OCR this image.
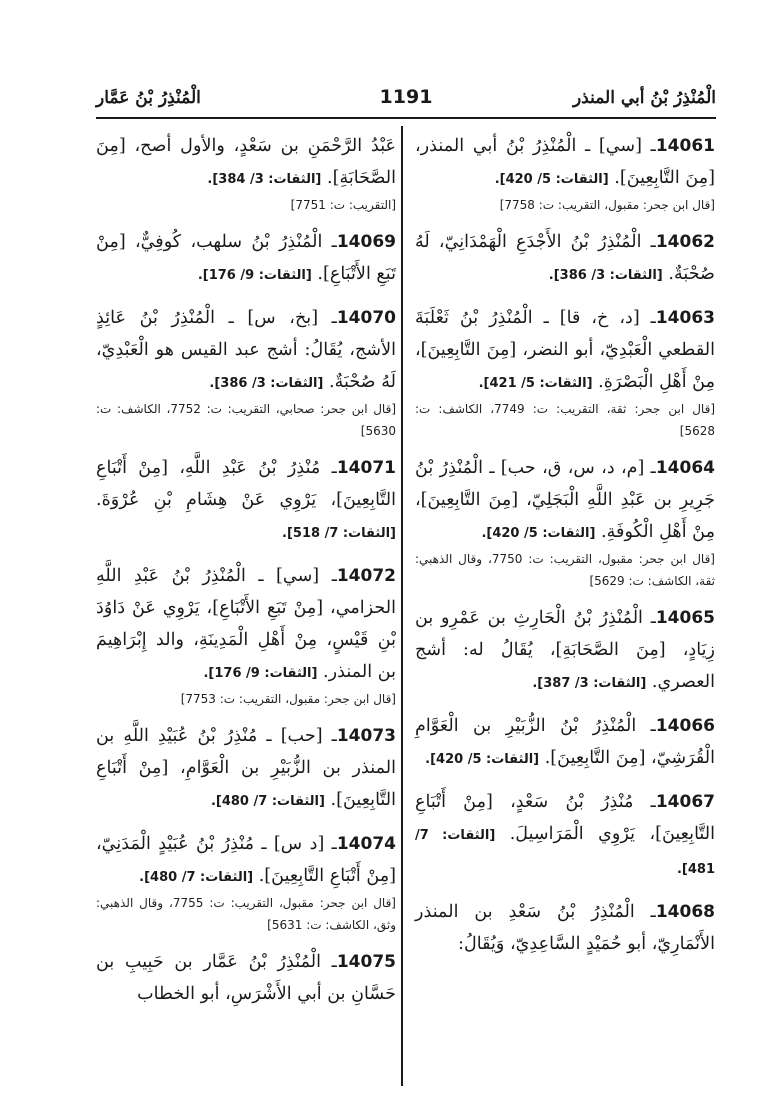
الْمُنْذِرُ بْنُ أبي المنذر
1191
الْمُنْذِرُ بْنُ عَمَّار
14061ـ [سي] ـ الْمُنْذِرُ بْنُ أبي المنذر، [مِنَ التَّابِعِينَ]. [الثقات: 5/ 420].
[قال ابن جحر: مقبول، التقريب: ت: 7758]
14062ـ الْمُنْذِرُ بْنُ الأَجْدَعِ الْهَمْدَانِيّ، لَهُ صُحْبَةٌ. [الثقات: 3/ 386].
14063ـ [د، خ، قا] ـ الْمُنْذِرُ بْنُ ثَعْلَبَةَ القطعي الْعَبْدِيّ، أبو النضر، [مِنَ التَّابِعِينَ]، مِنْ أَهْلِ الْبَصْرَةِ. [الثقات: 5/ 421].
[قال ابن جحر: ثقة، التقريب: ت: 7749، الكاشف: ت: 5628]
14064ـ [م، د، س، ق، حب] ـ الْمُنْذِرُ بْنُ جَرِيرِ بن عَبْدِ اللَّهِ الْبَجَلِيّ، [مِنَ التَّابِعِينَ]، مِنْ أَهْلِ الْكُوفَةِ. [الثقات: 5/ 420].
[قال ابن جحر: مقبول، التقريب: ت: 7750، وقال الذهبي: ثقة، الكاشف: ت: 5629]
14065ـ الْمُنْذِرُ بْنُ الْحَارِثِ بن عَمْرِو بن زِيَادٍ، [مِنَ الصَّحَابَةِ]، يُقَالُ له: أشج العصري. [الثقات: 3/ 387].
14066ـ الْمُنْذِرُ بْنُ الزُّبَيْرِ بن الْعَوَّامِ الْقُرَشِيّ، [مِنَ التَّابِعِينَ]. [الثقات: 5/ 420].
14067ـ مُنْذِرُ بْنُ سَعْدٍ، [مِنْ أَتْبَاعِ التَّابِعِينَ]، يَرْوِي الْمَرَاسِيلَ. [الثقات: 7/ 481].
14068ـ الْمُنْذِرُ بْنُ سَعْدِ بن المنذر الأَنْمَارِيّ، أبو حُمَيْدٍ السَّاعِدِيّ، وَيُقَالُ:
عَبْدُ الرَّحْمَنِ بن سَعْدٍ، والأول أصح، [مِنَ الصَّحَابَةِ]. [الثقات: 3/ 384].
[التقريب: ت: 7751]
14069ـ الْمُنْذِرُ بْنُ سلهب، كُوفِيٌّ، [مِنْ تَبَعِ الأَتْبَاعِ]. [الثقات: 9/ 176].
14070ـ [بخ، س] ـ الْمُنْذِرُ بْنُ عَائِذٍ الأشج، يُقَالُ: أشج عبد القيس هو الْعَبْدِيّ، لَهُ صُحْبَةٌ. [الثقات: 3/ 386].
[قال ابن جحر: صحابي، التقريب: ت: 7752، الكاشف: ت: 5630]
14071ـ مُنْذِرُ بْنُ عَبْدِ اللَّهِ، [مِنْ أَتْبَاعِ التَّابِعِينَ]، يَرْوِي عَنْ هِشَامِ بْنِ عُرْوَةَ. [الثقات: 7/ 518].
14072ـ [سي] ـ الْمُنْذِرُ بْنُ عَبْدِ اللَّهِ الحزامي، [مِنْ تَبَعِ الأَتْبَاعِ]، يَرْوِي عَنْ دَاوُدَ بْنِ قَيْسٍ، مِنْ أَهْلِ الْمَدِينَةِ، والد إِبْرَاهِيمَ بن المنذر. [الثقات: 9/ 176].
[قال ابن جحر: مقبول، التقريب: ت: 7753]
14073ـ [حب] ـ مُنْذِرُ بْنُ عُبَيْدِ اللَّهِ بن المنذر بن الزُّبَيْرِ بن الْعَوَّامِ، [مِنْ أَتْبَاعِ التَّابِعِينَ]. [الثقات: 7/ 480].
14074ـ [د س] ـ مُنْذِرُ بْنُ عُبَيْدٍ الْمَدَنِيّ، [مِنْ أَتْبَاعِ التَّابِعِينَ]. [الثقات: 7/ 480].
[قال ابن جحر: مقبول، التقريب: ت: 7755، وقال الذهبي: وثق، الكاشف: ت: 5631]
14075ـ الْمُنْذِرُ بْنُ عَمَّار بن حَبِيبِ بن حَسَّانِ بن أبي الأَشْرَسِ، أبو الخطاب
